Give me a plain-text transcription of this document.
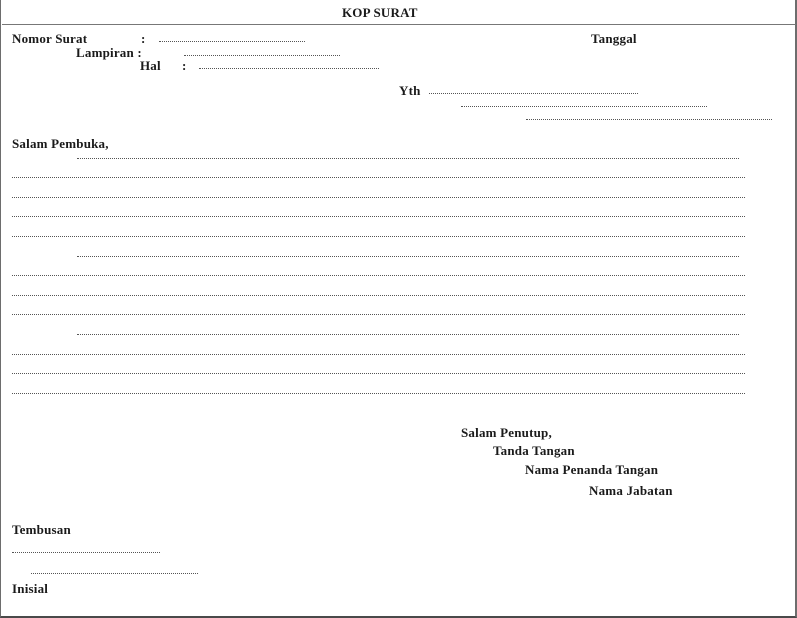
KOP SURAT
Nomor Surat	:	Tanggal
Lampiran :
Hal :
Yth
Salam Pembuka,
Salam Penutup,
Tanda Tangan
Nama Penanda Tangan
Nama Jabatan
Tembusan
Inisial
